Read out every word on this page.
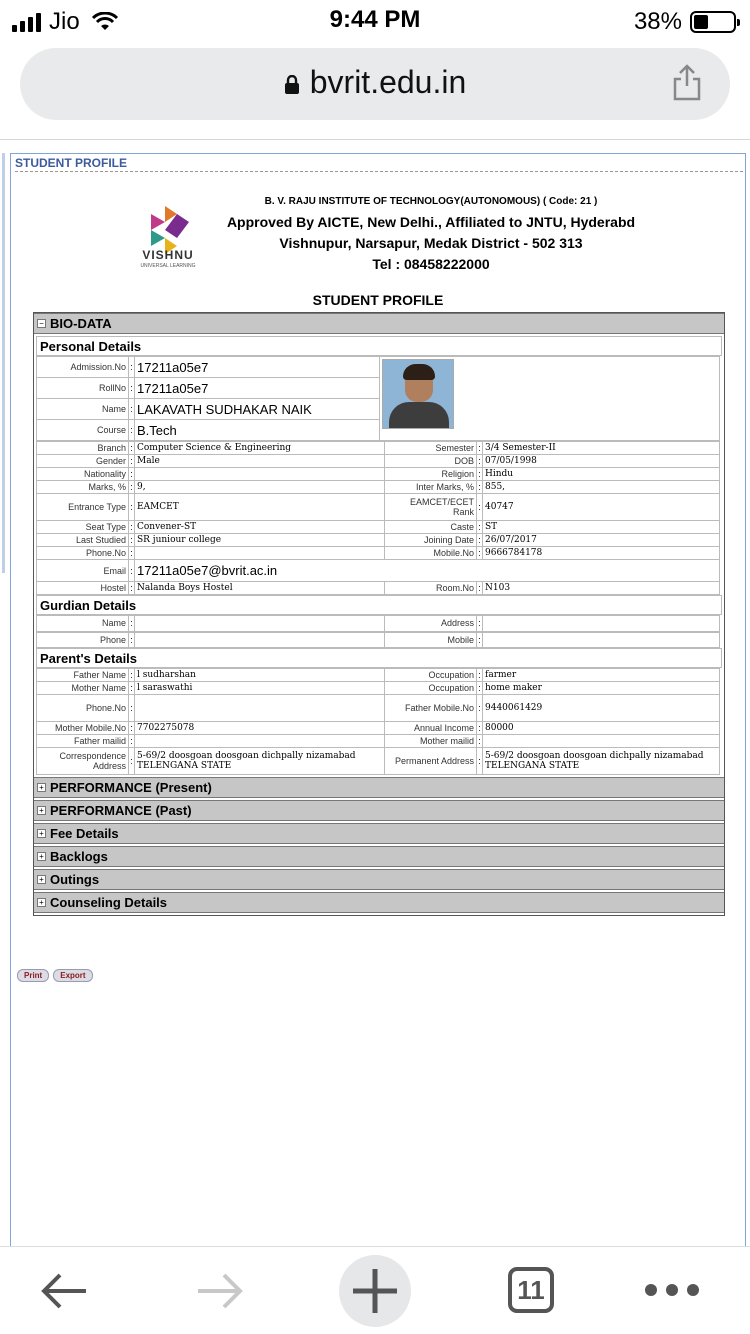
Jio	9:44 PM	38%
bvrit.edu.in
STUDENT PROFILE
VISHNU
UNIVERSAL LEARNING
B. V. RAJU INSTITUTE OF TECHNOLOGY(AUTONOMOUS) ( Code: 21 )
Approved By AICTE, New Delhi., Affiliated to JNTU, Hyderabd
Vishnupur, Narsapur, Medak District - 502 313
Tel : 08458222000
STUDENT PROFILE
− BIO-DATA
Personal Details
Admission.No	:	17211a05e7	

RollNo	:	17211a05e7	
Name	:	LAKAVATH SUDHAKAR NAIK	
Course	:	B.Tech	
Branch	:	Computer Science & Engineering	Semester	:	3/4 Semester-II
Gender	:	Male	DOB	:	07/05/1998
Nationality	:		Religion	:	Hindu
Marks, %	:	9,	Inter Marks, %	:	855,
Entrance Type	:	EAMCET	EAMCET/ECET Rank	:	40747
Seat Type	:	Convener-ST	Caste	:	ST
Last Studied	:	SR juniour college	Joining Date	:	26/07/2017
Phone.No	:		Mobile.No	:	9666784178
Email	:	17211a05e7@bvrit.ac.in			
Hostel	:	Nalanda Boys Hostel	Room.No	:	N103
Gurdian Details
Name	:		Address	:	
Phone	:		Mobile	:	
Parent's Details
Father Name	:	l sudharshan	Occupation	:	farmer
Mother Name	:	l saraswathi	Occupation	:	home maker
Phone.No	:		Father Mobile.No	:	9440061429
Mother Mobile.No	:	7702275078	Annual Income	:	80000
Father mailid	:		Mother mailid	:	
Correspondence Address	:	5-69/2 doosgoan doosgoan dichpally nizamabad TELENGANA STATE	Permanent Address	:	5-69/2 doosgoan doosgoan dichpally nizamabad TELENGANA STATE
+ PERFORMANCE (Present)
+ PERFORMANCE (Past)
+ Fee Details
+ Backlogs
+ Outings
+ Counseling Details
Print	Export
11
